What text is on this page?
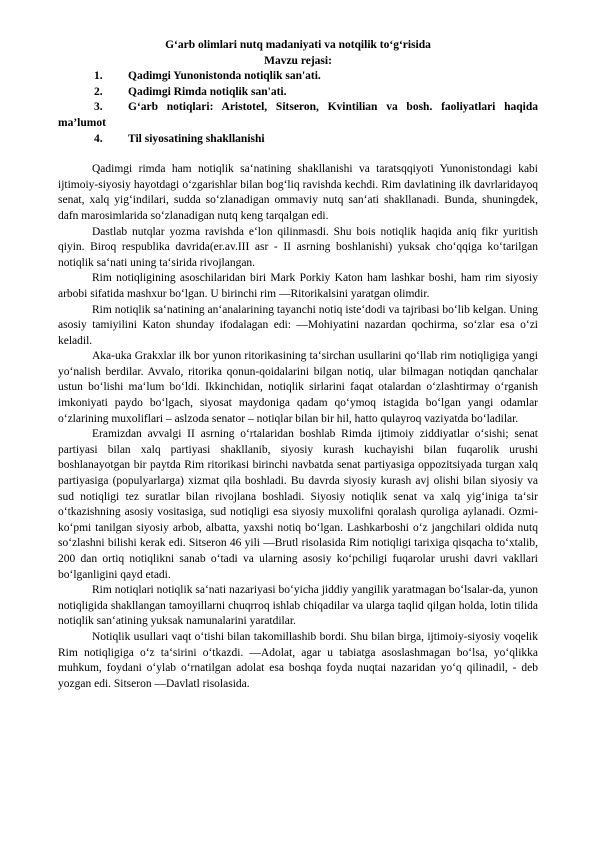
G‘arb olimlari nutq madaniyati va notqilik to‘g‘risida

Mavzu rejasi:

1. Qadimgi Yunonistonda notiqlik san'ati.
2. Qadimgi Rimda notiqlik san'ati.
3. G‘arb notiqlari: Aristotel, Sitseron, Kvintilian va bosh. faoliyatlari haqida ma’lumot
4. Til siyosatining shakllanishi

Qadimgi rimda ham notiqlik sa‘natining shakllanishi va taratsqqiyoti Yunonistondagi kabi ijtimoiy-siyosiy hayotdagi o‘zgarishlar bilan bog‘liq ravishda kechdi. Rim davlatining ilk davrlaridayoq senat, xalq yig‘indilari, sudda so‘zlanadigan ommaviy nutq san‘ati shakllanadi. Bunda, shuningdek, dafn marosimlarida so‘zlanadigan nutq keng tarqalgan edi.

Dastlab nutqlar yozma ravishda e‘lon qilinmasdi. Shu bois notiqlik haqida aniq fikr yuritish qiyin. Biroq respublika davrida(er.av.III asr - II asrning boshlanishi) yuksak cho‘qqiga ko‘tarilgan notiqlik sa‘nati uning ta‘sirida rivojlangan.

Rim notiqligining asoschilaridan biri Mark Porkiy Katon ham lashkar boshi, ham rim siyosiy arbobi sifatida mashxur bo‘lgan. U birinchi rim ―Ritorikalsini yaratgan olimdir.

Rim notiqlik sa‘natining an‘analarining tayanchi notiq iste‘dodi va tajribasi bo‘lib kelgan. Uning asosiy tamiyilini Katon shunday ifodalagan edi: ―Mohiyatini nazardan qochirma, so‘zlar esa o‘zi keladil.

Aka-uka Grakxlar ilk bor yunon ritorikasining ta‘sirchan usullarini qo‘llab rim notiqligiga yangi yo‘nalish berdilar. Avvalo, ritorika qonun-qoidalarini bilgan notiq, ular bilmagan notiqdan qanchalar ustun bo‘lishi ma‘lum bo‘ldi. Ikkinchidan, notiqlik sirlarini faqat otalardan o‘zlashtirmay o‘rganish imkoniyati paydo bo‘lgach, siyosat maydoniga qadam qo‘ymoq istagida bo‘lgan yangi odamlar o‘zlarining muxoliflari – aslzoda senator – notiqlar bilan bir hil, hatto qulayroq vaziyatda bo‘ladilar.

Eramizdan avvalgi II asrning o‘rtalaridan boshlab Rimda ijtimoiy ziddiyatlar o‘sishi; senat partiyasi bilan xalq partiyasi shakllanib, siyosiy kurash kuchayishi bilan fuqarolik urushi boshlanayotgan bir paytda Rim ritorikasi birinchi navbatda senat partiyasiga oppozitsiyada turgan xalq partiyasiga (populyarlarga) xizmat qila boshladi. Bu davrda siyosiy kurash avj olishi bilan siyosiy va sud notiqligi tez suratlar bilan rivojlana boshladi. Siyosiy notiqlik senat va xalq yig‘iniga ta‘sir o‘tkazishning asosiy vositasiga, sud notiqligi esa siyosiy muxolifni qoralash quroliga aylanadi. Ozmi-ko‘pmi tanilgan siyosiy arbob, albatta, yaxshi notiq bo‘lgan. Lashkarboshi o‘z jangchilari oldida nutq so‘zlashni bilishi kerak edi. Sitseron 46 yili ―Brutl risolasida Rim notiqligi tarixiga qisqacha to‘xtalib, 200 dan ortiq notiqlikni sanab o‘tadi va ularning asosiy ko‘pchiligi fuqarolar urushi davri vakllari bo‘lganligini qayd etadi.

Rim notiqlari notiqlik sa‘nati nazariyasi bo‘yicha jiddiy yangilik yaratmagan bo‘lsalar-da, yunon notiqligida shakllangan tamoyillarni chuqrroq ishlab chiqadilar va ularga taqlid qilgan holda, lotin tilida notiqlik san‘atining yuksak namunalarini yaratdilar.

Notiqlik usullari vaqt o‘tishi bilan takomillashib bordi. Shu bilan birga, ijtimoiy-siyosiy voqelik Rim notiqligiga o‘z ta‘sirini o‘tkazdi. ―Adolat, agar u tabiatga asoslashmagan bo‘lsa, yo‘qlikka muhkum, foydani o‘ylab o‘rnatilgan adolat esa boshqa foyda nuqtai nazaridan yo‘q qilinadil, - deb yozgan edi. Sitseron ―Davlatl risolasida.
